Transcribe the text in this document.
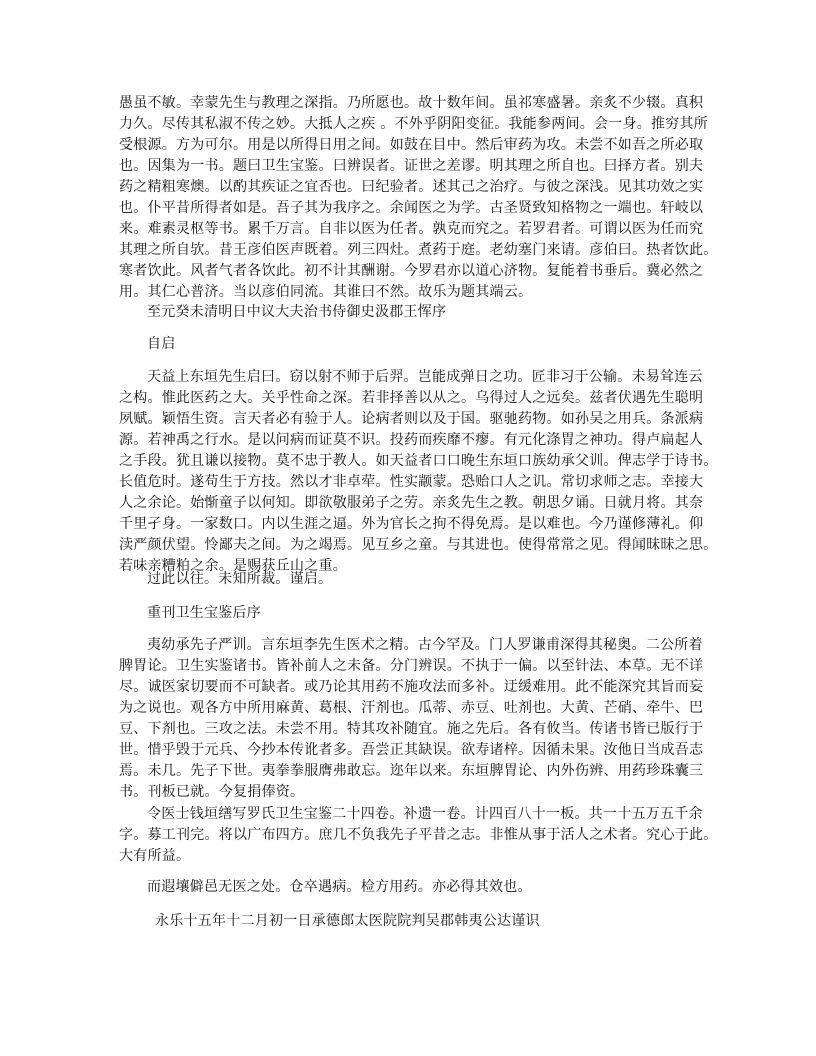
愚虽不敏。幸蒙先生与教理之深指。乃所愿也。故十数年间。虽祁寒盛暑。亲炙不少辍。真积
力久。尽传其私淑不传之妙。大抵人之疾 。不外乎阴阳变征。我能参两间。会一身。推穷其所
受根源。方为可尔。用是以所得日用之间。如鼓在目中。然后审药为攻。未尝不如吾之所必取
也。因集为一书。题曰卫生宝鉴。曰辨误者。证世之差谬。明其理之所自也。曰择方者。别夫
药之精粗寒燠。以酌其疾证之宜否也。曰纪验者。述其己之治疗。与彼之深浅。见其功效之实
也。仆平昔所得者如是。吾子其为我序之。余闻医之为学。古圣贤致知格物之一端也。轩岐以
来。难素灵枢等书。累千万言。自非以医为任者。孰克而究之。若罗君者。可谓以医为任而究
其理之所自欤。昔王彦伯医声既着。列三四灶。煮药于庭。老幼塞门来请。彦伯曰。热者饮此。
寒者饮此。风者气者各饮此。初不计其酬谢。今罗君亦以道心济物。复能着书垂后。冀必然之
用。其仁心普济。当以彦伯同流。其谁曰不然。故乐为题其端云。
至元癸未清明日中议大夫治书侍御史汲郡王恽序
自启
天益上东垣先生启曰。窃以射不师于后羿。岂能成弹日之功。匠非习于公输。未易耸连云
之构。惟此医药之大。关乎性命之深。若非择善以从之。乌得过人之远矣。兹者伏遇先生聪明
夙赋。颖悟生资。言天者必有验于人。论病者则以及于国。驱驰药物。如孙吴之用兵。条派病
源。若神禹之行水。是以问病而证莫不识。投药而疾靡不瘳。有元化涤胃之神功。得卢扁起人
之手段。犹且谦以接物。莫不忠于教人。如天益者口口晚生东垣口族幼承父训。俾志学于诗书。
长值危时。遂苟生于方技。然以才非卓荦。性实颛蒙。恐贻口人之讥。常切求师之志。幸接大
人之余论。始惭童子以何知。即欲敬服弟子之劳。亲炙先生之教。朝思夕诵。日就月将。其奈
千里孑身。一家数口。内以生涯之逼。外为官长之拘不得免焉。是以难也。今乃谨修薄礼。仰
渎严颜伏望。怜鄙夫之间。为之竭焉。见互乡之童。与其进也。使得常常之见。得闻昧昧之思。
若味亲糟粕之余。是赐获丘山之重。
过此以往。未知所裁。谨启。
重刊卫生宝鉴后序
夷幼承先子严训。言东垣李先生医术之精。古今罕及。门人罗谦甫深得其秘奥。二公所着
脾胃论。卫生实鉴诸书。皆补前人之未备。分门辨误。不执于一偏。以至针法、本草。无不详
尽。诚医家切要而不可缺者。或乃论其用药不施攻法而多补。迂缓难用。此不能深究其旨而妄
为之说也。观各方中所用麻黄、葛根、汗剂也。瓜蒂、赤豆、吐剂也。大黄、芒硝、牵牛、巴
豆、下剂也。三攻之法。未尝不用。特其攻补随宜。施之先后。各有攸当。传诸书皆已版行于
世。惜乎毁于元兵、今抄本传讹者多。吾尝正其缺误。欲寿诸梓。因循未果。汝他日当成吾志
焉。未几。先子下世。夷拳拳服膺弗敢忘。迩年以来。东垣脾胃论、内外伤辨、用药珍珠囊三
书。刊板已就。今复捐俸资。
令医士钱垣缮写罗氏卫生宝鉴二十四卷。补遗一卷。计四百八十一板。共一十五万五千余
字。募工刊完。将以广布四方。庶几不负我先子平昔之志。非惟从事于活人之术者。究心于此。
大有所益。
而遐壤僻邑无医之处。仓卒遇病。检方用药。亦必得其效也。
永乐十五年十二月初一日承德郎太医院院判吴郡韩夷公达谨识
